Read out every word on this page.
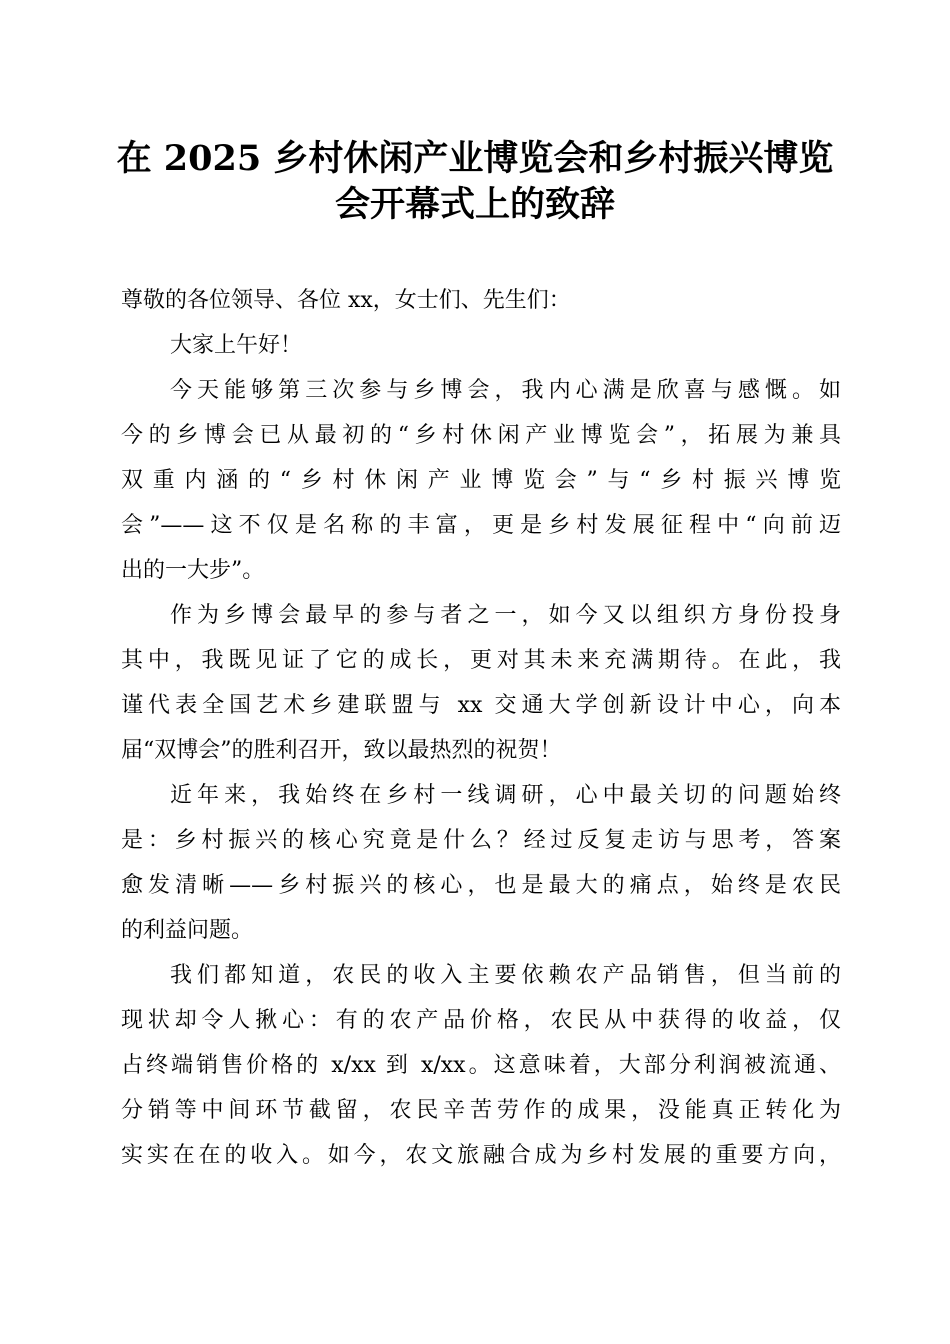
在 2025 乡村休闲产业博览会和乡村振兴博览
会开幕式上的致辞
尊敬的各位领导、各位 xx，女士们、先生们：
大家上午好！
今天能够第三次参与乡博会，我内心满是欣喜与感慨。如
今的乡博会已从最初的“乡村休闲产业博览会”，拓展为兼具
双重内涵的“乡村休闲产业博览会”与“乡村振兴博览
会”——这不仅是名称的丰富，更是乡村发展征程中“向前迈
出的一大步”。
作为乡博会最早的参与者之一，如今又以组织方身份投身
其中，我既见证了它的成长，更对其未来充满期待。在此，我
谨代表全国艺术乡建联盟与 xx 交通大学创新设计中心，向本
届“双博会”的胜利召开，致以最热烈的祝贺！
近年来，我始终在乡村一线调研，心中最关切的问题始终
是：乡村振兴的核心究竟是什么？经过反复走访与思考，答案
愈发清晰——乡村振兴的核心，也是最大的痛点，始终是农民
的利益问题。
我们都知道，农民的收入主要依赖农产品销售，但当前的
现状却令人揪心：有的农产品价格，农民从中获得的收益，仅
占终端销售价格的 x/xx 到 x/xx。这意味着，大部分利润被流通、
分销等中间环节截留，农民辛苦劳作的成果，没能真正转化为
实实在在的收入。如今，农文旅融合成为乡村发展的重要方向，
